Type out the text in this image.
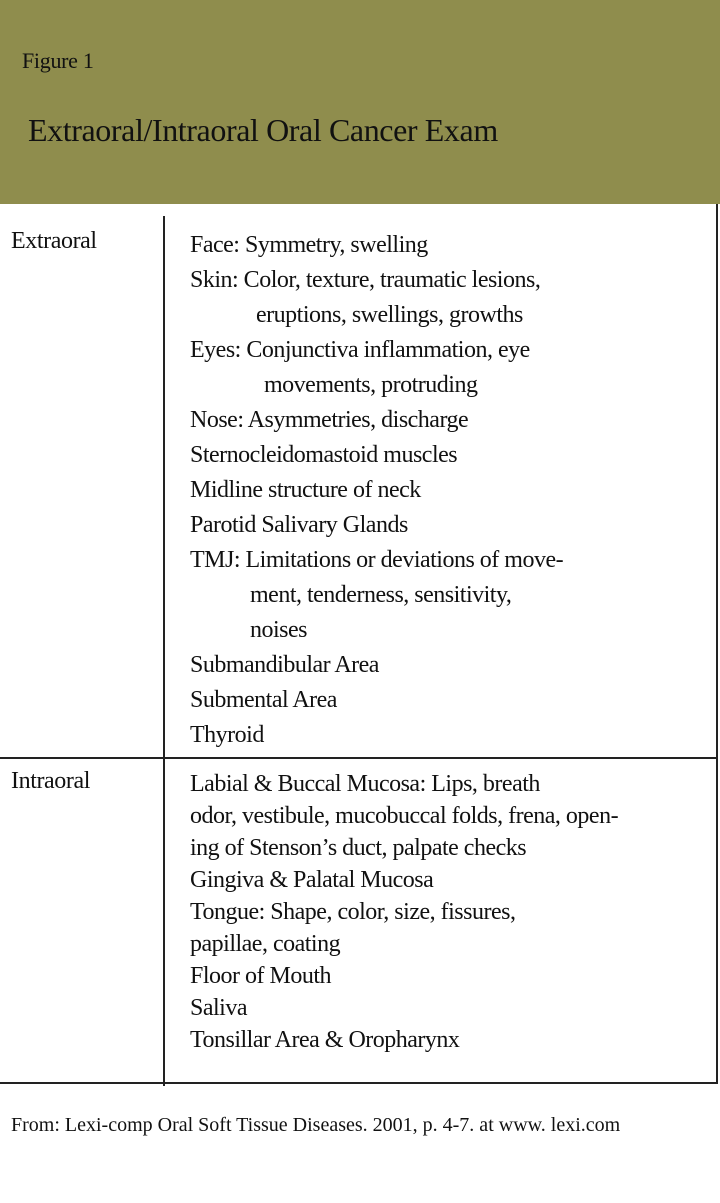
Figure 1
Extraoral/Intraoral Oral Cancer Exam
Extraoral	Face: Symmetry, swelling
Skin: Color, texture, traumatic lesions,
eruptions, swellings, growths
Eyes: Conjunctiva inflammation, eye
movements, protruding
Nose: Asymmetries, discharge
Sternocleidomastoid muscles
Midline structure of neck
Parotid Salivary Glands
TMJ: Limitations or deviations of move-
ment, tenderness, sensitivity,
noises
Submandibular Area
Submental Area
Thyroid
Intraoral	Labial & Buccal Mucosa: Lips, breath
odor, vestibule, mucobuccal folds, frena, open-
ing of Stenson’s duct, palpate checks
Gingiva & Palatal Mucosa
Tongue: Shape, color, size, fissures,
papillae, coating
Floor of Mouth
Saliva
Tonsillar Area & Oropharynx
From: Lexi-comp Oral Soft Tissue Diseases. 2001, p. 4-7. at www. lexi.com
